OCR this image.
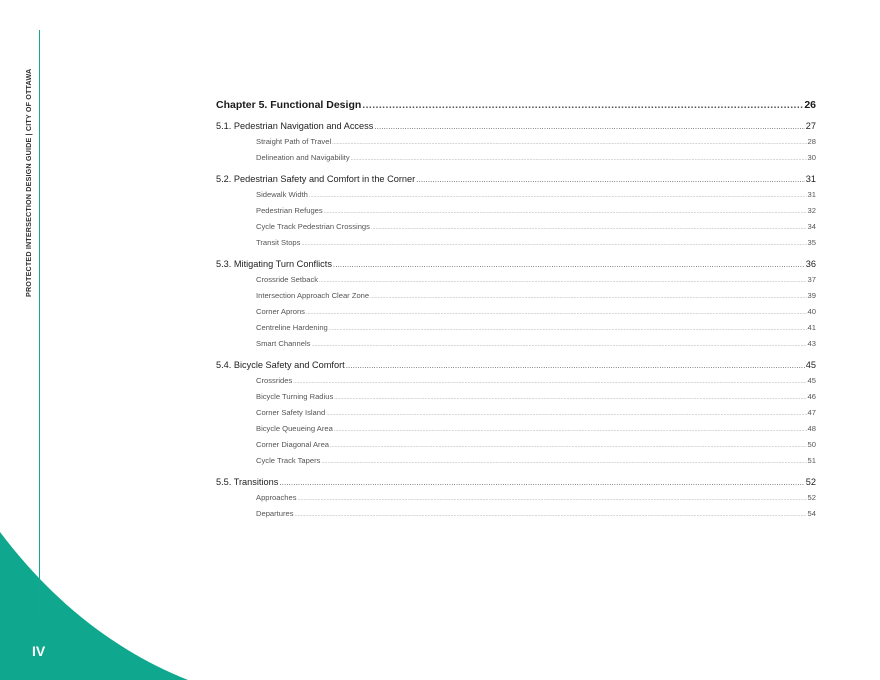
PROTECTED INTERSECTION DESIGN GUIDE | CITY OF OTTAWA
IV
Chapter 5. Functional Design .....	26
5.1. Pedestrian Navigation and Access .....	27
Straight Path of Travel .....	28
Delineation and Navigability .....	30
5.2. Pedestrian Safety and Comfort in the Corner .....	31
Sidewalk Width .....	31
Pedestrian Refuges .....	32
Cycle Track Pedestrian Crossings .....	34
Transit Stops .....	35
5.3. Mitigating Turn Conflicts .....	36
Crossride Setback .....	37
Intersection Approach Clear Zone .....	39
Corner Aprons .....	40
Centreline Hardening .....	41
Smart Channels .....	43
5.4. Bicycle Safety and Comfort .....	45
Crossrides .....	45
Bicycle Turning Radius .....	46
Corner Safety Island .....	47
Bicycle Queueing Area .....	48
Corner Diagonal Area .....	50
Cycle Track Tapers .....	51
5.5. Transitions .....	52
Approaches .....	52
Departures .....	54
